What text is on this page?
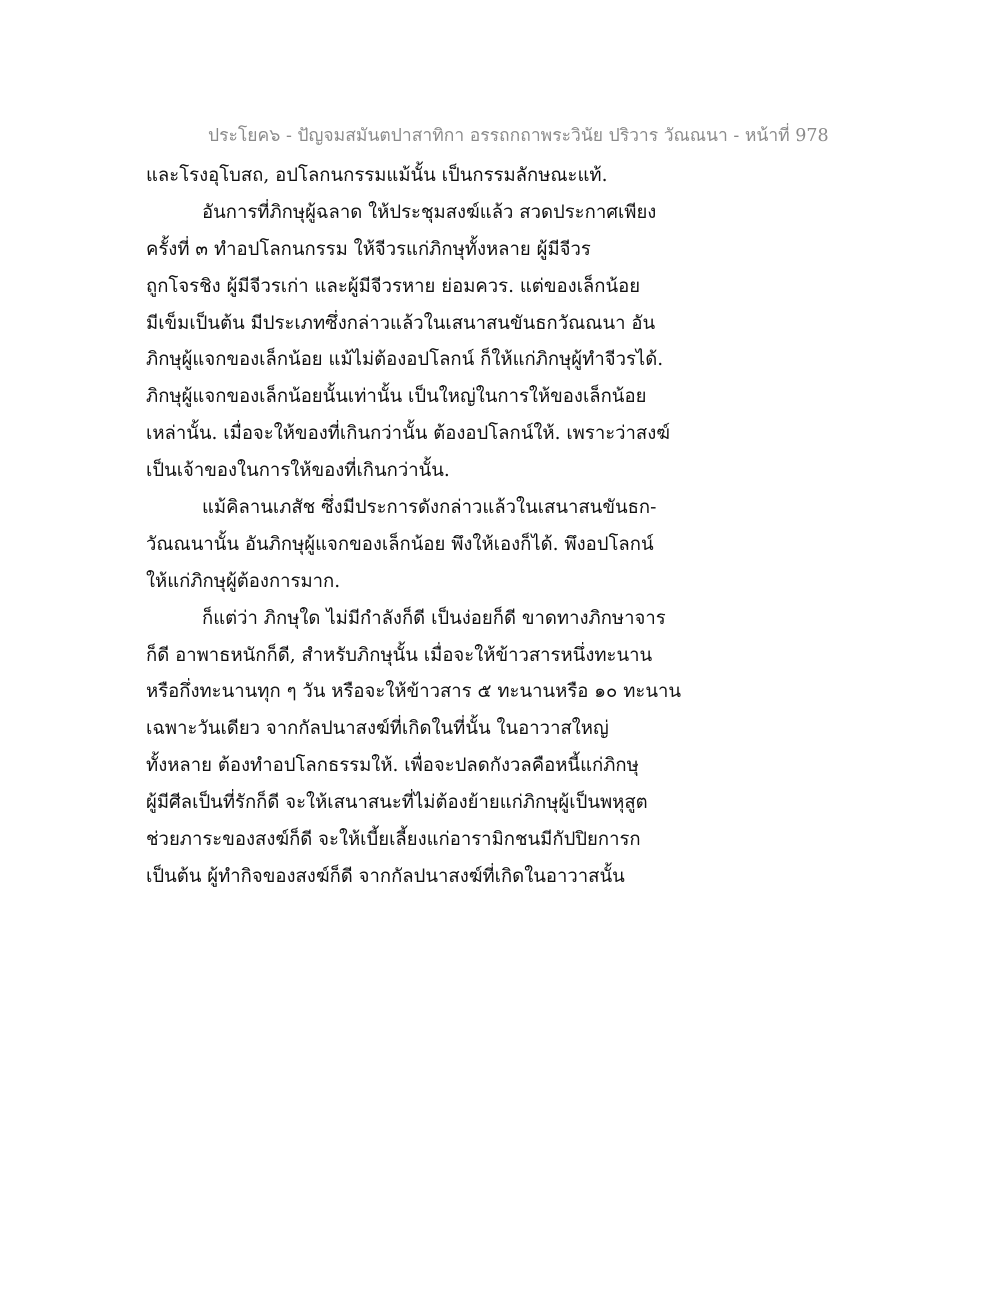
ประโยค๖ - ปัญจมสมันตปาสาทิกา อรรถกถาพระวินัย ปริวาร วัณณนา - หน้าที่ 978
และโรงอุโบสถ, อปโลกนกรรมแม้นั้น เป็นกรรมลักษณะแท้.
อันการที่ภิกษุผู้ฉลาด ให้ประชุมสงฆ์แล้ว สวดประกาศเพียง
ครั้งที่ ๓ ทำอปโลกนกรรม ให้จีวรแก่ภิกษุทั้งหลาย ผู้มีจีวร
ถูกโจรชิง ผู้มีจีวรเก่า และผู้มีจีวรหาย ย่อมควร. แต่ของเล็กน้อย
มีเข็มเป็นต้น มีประเภทซึ่งกล่าวแล้วในเสนาสนขันธกวัณณนา อัน
ภิกษุผู้แจกของเล็กน้อย แม้ไม่ต้องอปโลกน์ ก็ให้แก่ภิกษุผู้ทำจีวรได้.
ภิกษุผู้แจกของเล็กน้อยนั้นเท่านั้น เป็นใหญ่ในการให้ของเล็กน้อย
เหล่านั้น. เมื่อจะให้ของที่เกินกว่านั้น ต้องอปโลกน์ให้. เพราะว่าสงฆ์
เป็นเจ้าของในการให้ของที่เกินกว่านั้น.
แม้คิลานเภสัช ซึ่งมีประการดังกล่าวแล้วในเสนาสนขันธก-
วัณณนานั้น อันภิกษุผู้แจกของเล็กน้อย พึงให้เองก็ได้. พึงอปโลกน์
ให้แก่ภิกษุผู้ต้องการมาก.
ก็แต่ว่า ภิกษุใด ไม่มีกำลังก็ดี เป็นง่อยก็ดี ขาดทางภิกษาจาร
ก็ดี อาพาธหนักก็ดี, สำหรับภิกษุนั้น เมื่อจะให้ข้าวสารหนึ่งทะนาน
หรือกึ่งทะนานทุก ๆ วัน หรือจะให้ข้าวสาร ๕ ทะนานหรือ ๑๐ ทะนาน
เฉพาะวันเดียว จากกัลปนาสงฆ์ที่เกิดในที่นั้น ในอาวาสใหญ่
ทั้งหลาย ต้องทำอปโลกธรรมให้. เพื่อจะปลดกังวลคือหนี้แก่ภิกษุ
ผู้มีศีลเป็นที่รักก็ดี จะให้เสนาสนะที่ไม่ต้องย้ายแก่ภิกษุผู้เป็นพหุสูต
ช่วยภาระของสงฆ์ก็ดี จะให้เบี้ยเลี้ยงแก่อารามิกชนมีกัปปิยการก
เป็นต้น ผู้ทำกิจของสงฆ์ก็ดี จากกัลปนาสงฆ์ที่เกิดในอาวาสนั้น
